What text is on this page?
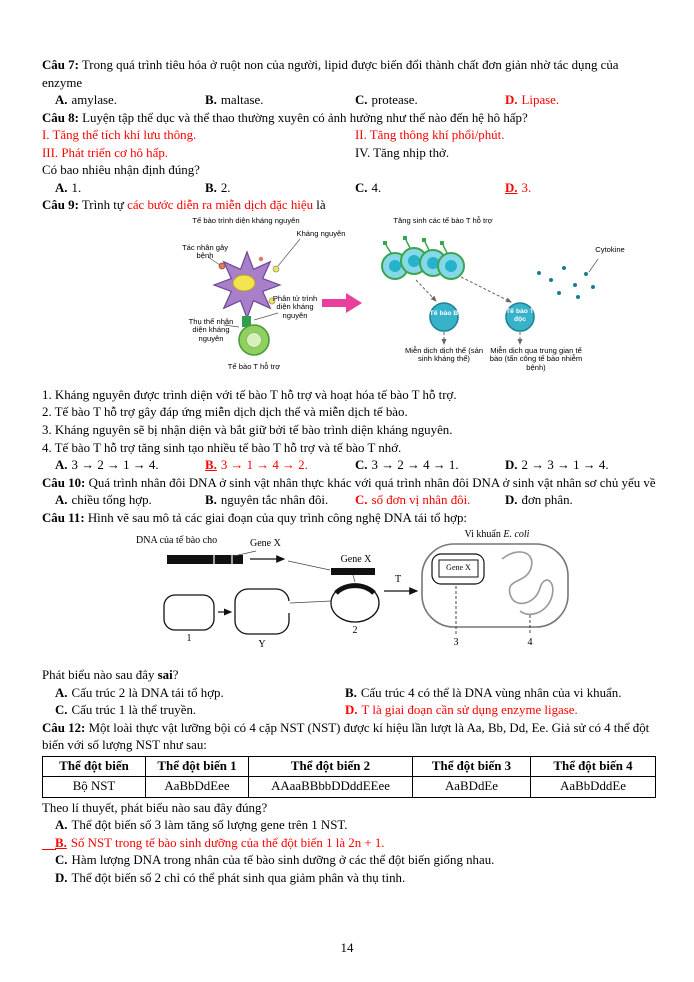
Câu 7: Trong quá trình tiêu hóa ở ruột non của người, lipid được biến đổi thành chất đơn giản nhờ tác dụng của enzyme

A. amylase.	B. maltase.	C. protease.	D. Lipase.

Câu 8: Luyện tập thể dục và thể thao thường xuyên có ảnh hưởng như thế nào đến hệ hô hấp?

I. Tăng thể tích khí lưu thông.	II. Tăng thông khí phổi/phút.
III. Phát triển cơ hô hấp.	IV. Tăng nhịp thở.

Có bao nhiêu nhận định đúng?

A. 1.	B. 2.	C. 4.	D. 3.

Câu 9: Trình tự các bước diễn ra miễn dịch đặc hiệu là

Tế bào trình diện kháng nguyên
Kháng nguyên
Tác nhân gây bệnh
Phân tử trình diện kháng nguyên
Thụ thể nhận diện kháng nguyên
Tế bào T hỗ trợ
Tăng sinh các tế bào T hỗ trợ
Cytokine
Tế bào B	Tế bào T độc
Miễn dịch dịch thể (sản sinh kháng thể)
Miễn dịch qua trung gian tế bào (tấn công tế bào nhiễm bệnh)

1. Kháng nguyên được trình diện với tế bào T hỗ trợ và hoạt hóa tế bào T hỗ trợ.

2. Tế bào T hỗ trợ gây đáp ứng miễn dịch dịch thể và miễn dịch tế bào.

3. Kháng nguyên sẽ bị nhận diện và bắt giữ bởi tế bào trình diện kháng nguyên.

4. Tế bào T hỗ trợ tăng sinh tạo nhiều tế bào T hỗ trợ và tế bào T nhớ.

A. 3 → 2 → 1 → 4.	B. 3 → 1 → 4 → 2.	C. 3 → 2 → 4 → 1.	D. 2 → 3 → 1 → 4.

Câu 10: Quá trình nhân đôi DNA ở sinh vật nhân thực khác với quá trình nhân đôi DNA ở sinh vật nhân sơ chủ yếu về

A. chiều tổng hợp.	B. nguyên tắc nhân đôi.	C. số đơn vị nhân đôi.	D. đơn phân.

Câu 11: Hình vẽ sau mô tả các giai đoạn của quy trình công nghệ DNA tái tổ hợp:

DNA của tế bào cho	Gene X
Gene X
Gene X
Vi khuẩn E. coli
T
1
Y
2
3	4

Phát biểu nào sau đây sai?

A. Cấu trúc 2 là DNA tái tổ hợp.	B. Cấu trúc 4 có thể là DNA vùng nhân của vi khuẩn.
C. Cấu trúc 1 là thể truyền.	D. T là giai đoạn cần sử dụng enzyme ligase.

Câu 12: Một loài thực vật lưỡng bội có 4 cặp NST (NST) được kí hiệu lần lượt là Aa, Bb, Dd, Ee. Giả sử có 4 thể đột biến với số lượng NST như sau:

Thể đột biến	Thể đột biến 1	Thể đột biến 2	Thể đột biến 3	Thể đột biến 4
Bộ NST	AaBbDdEee	AAaaBBbbDDddEEee	AaBDdEe	AaBbDddEe

Theo lí thuyết, phát biểu nào sau đây đúng?

A. Thể đột biến số 3 làm tăng số lượng gene trên 1 NST.

B. Số NST trong tế bào sinh dưỡng của thể đột biến 1 là 2n + 1.

C. Hàm lượng DNA trong nhân của tế bào sinh dưỡng ở các thể đột biến giống nhau.

D. Thể đột biến số 2 chỉ có thể phát sinh qua giảm phân và thụ tinh.

14
